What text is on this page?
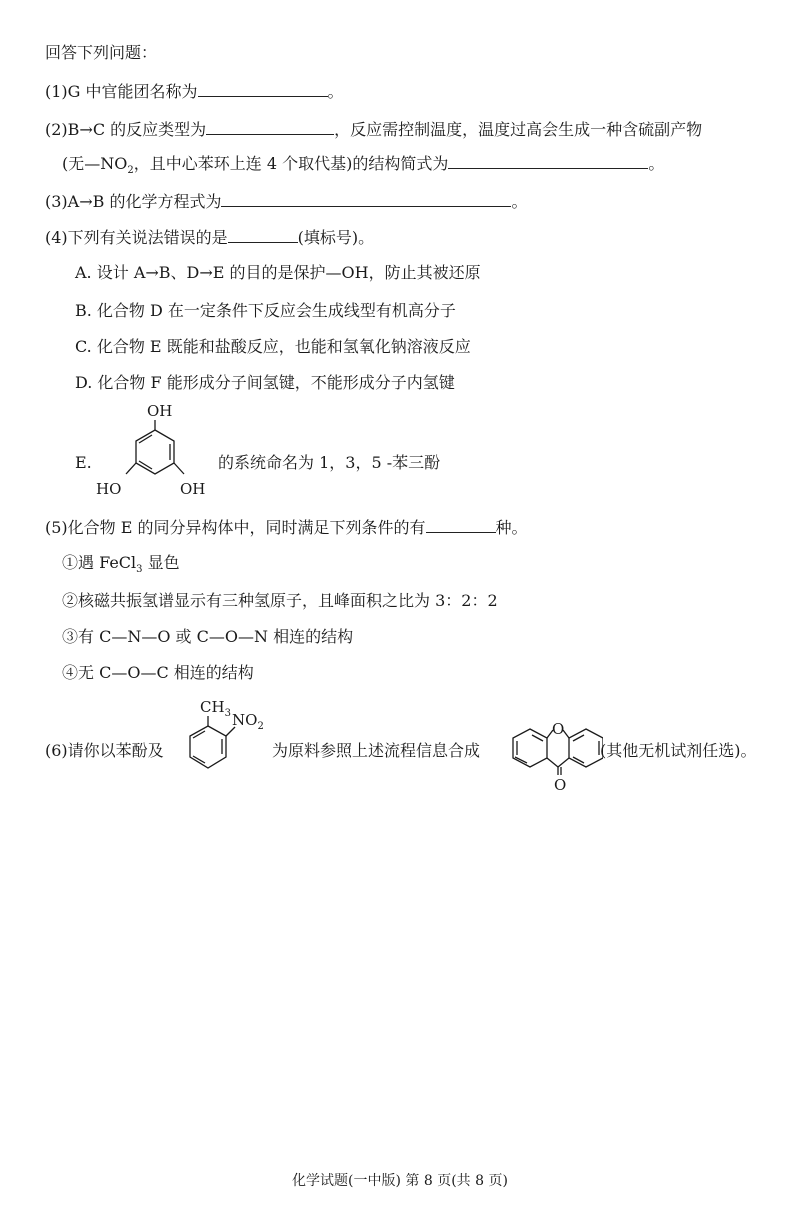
回答下列问题：
(1)G 中官能团名称为	。
(2)B→C 的反应类型为	，反应需控制温度，温度过高会生成一种含硫副产物
(无$—NO_2$，且中心苯环上连 4 个取代基)的结构简式为	。
(3)A→B 的化学方程式为	。
(4)下列有关说法错误的是	(填标号)。
A. 设计 A→B、D→E 的目的是保护—OH，防止其被还原
B. 化合物 D 在一定条件下反应会生成线型有机高分子
C. 化合物 E 既能和盐酸反应，也能和氢氧化钠溶液反应
D. 化合物 F 能形成分子间氢键，不能形成分子内氢键
E.
OH
HO	OH
的系统命名为 1，3，5 -苯三酚
(5)化合物 E 的同分异构体中，同时满足下列条件的有	种。
①遇 FeCl$_3$ 显色
②核磁共振氢谱显示有三种氢原子，且峰面积之比为 3：2：2
③有 C—N—O 或 C—O—N 相连的结构
④无 C—O—C 相连的结构
(6)请你以苯酚及
$CH_3$ $NO_2$
为原料参照上述流程信息合成
O
O
(其他无机试剂任选)。
化学试题(一中版) 第 8 页(共 8 页)
